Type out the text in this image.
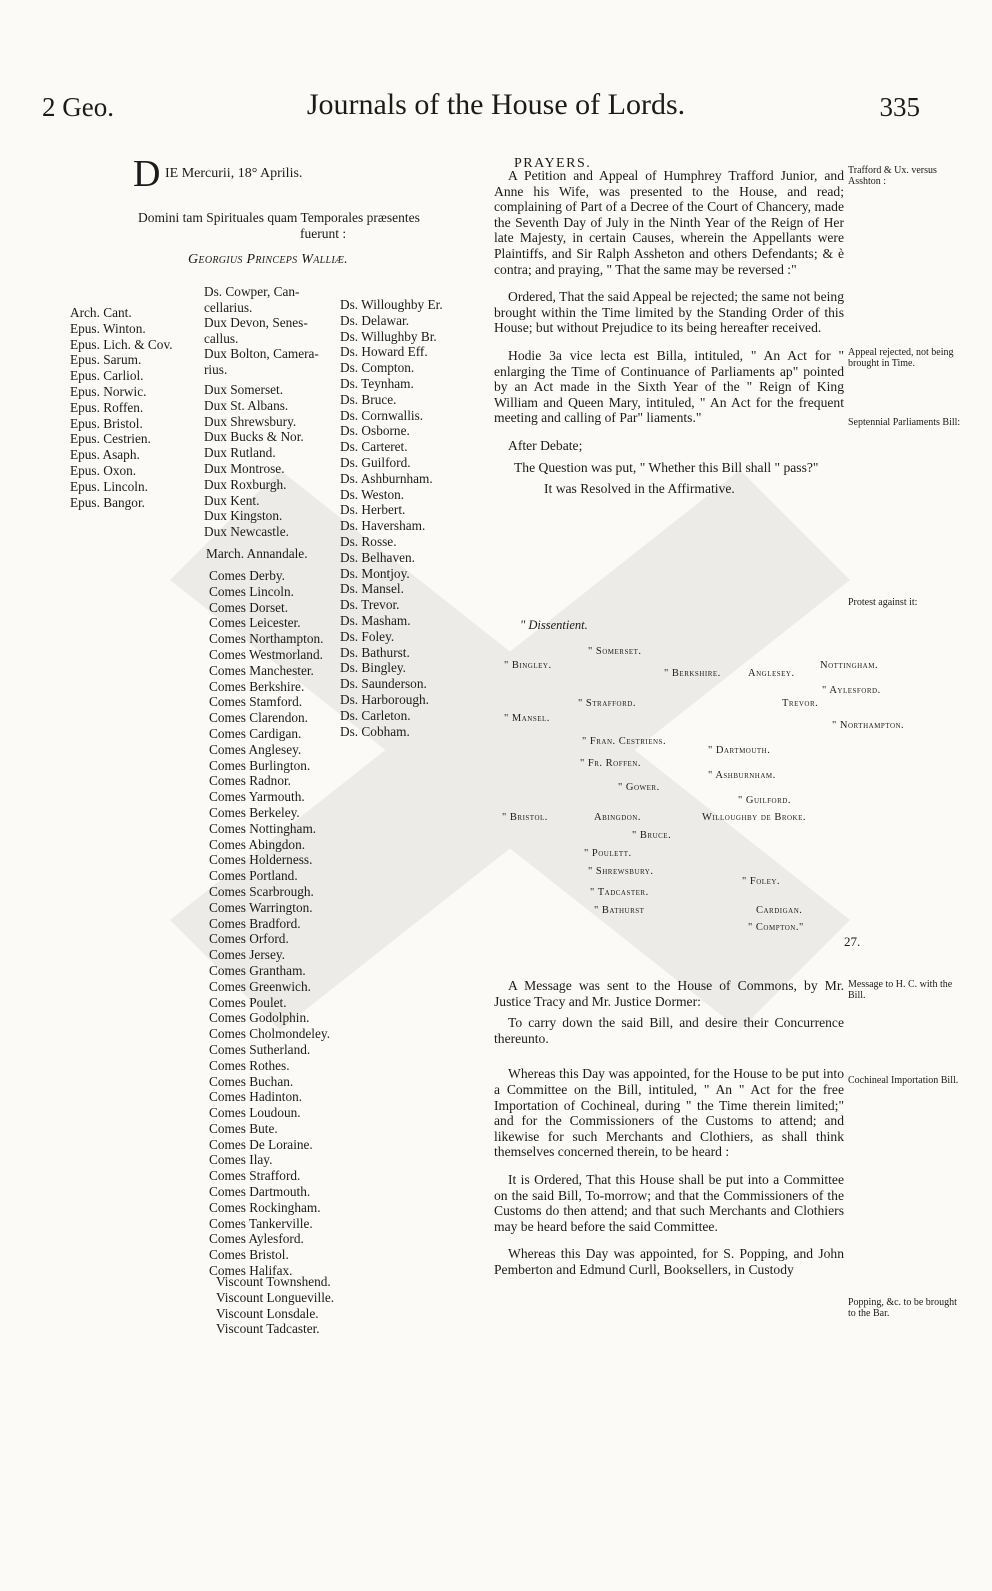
2 Geo.	Journals of the House of Lords.	335
D IE Mercurii, 18° Aprilis.
Domini tam Spirituales quam Temporales præsentes
fuerunt :
Georgius Princeps Walliæ.
Arch. Cant.
Epus. Winton.
Epus. Lich. & Cov.
Epus. Sarum.
Epus. Carliol.
Epus. Norwic.
Epus. Roffen.
Epus. Bristol.
Epus. Cestrien.
Epus. Asaph.
Epus. Oxon.
Epus. Lincoln.
Epus. Bangor.
Ds. Cowper, Can-
cellarius.
Dux Devon, Senes-
callus.
Dux Bolton, Camera-
rius.
Dux Somerset.
Dux St. Albans.
Dux Shrewsbury.
Dux Bucks & Nor.
Dux Rutland.
Dux Montrose.
Dux Roxburgh.
Dux Kent.
Dux Kingston.
Dux Newcastle.
March. Annandale.
Comes Derby.
Comes Lincoln.
Comes Dorset.
Comes Leicester.
Comes Northampton.
Comes Westmorland.
Comes Manchester.
Comes Berkshire.
Comes Stamford.
Comes Clarendon.
Comes Cardigan.
Comes Anglesey.
Comes Burlington.
Comes Radnor.
Comes Yarmouth.
Comes Berkeley.
Comes Nottingham.
Comes Abingdon.
Comes Holderness.
Comes Portland.
Comes Scarbrough.
Comes Warrington.
Comes Bradford.
Comes Orford.
Comes Jersey.
Comes Grantham.
Comes Greenwich.
Comes Poulet.
Comes Godolphin.
Comes Cholmondeley.
Comes Sutherland.
Comes Rothes.
Comes Buchan.
Comes Hadinton.
Comes Loudoun.
Comes Bute.
Comes De Loraine.
Comes Ilay.
Comes Strafford.
Comes Dartmouth.
Comes Rockingham.
Comes Tankerville.
Comes Aylesford.
Comes Bristol.
Comes Halifax.
Viscount Townshend.
Viscount Longueville.
Viscount Lonsdale.
Viscount Tadcaster.
Ds. Willoughby Er.
Ds. Delawar.
Ds. Willughby Br.
Ds. Howard Eff.
Ds. Compton.
Ds. Teynham.
Ds. Bruce.
Ds. Cornwallis.
Ds. Osborne.
Ds. Carteret.
Ds. Guilford.
Ds. Ashburnham.
Ds. Weston.
Ds. Herbert.
Ds. Haversham.
Ds. Rosse.
Ds. Belhaven.
Ds. Montjoy.
Ds. Mansel.
Ds. Trevor.
Ds. Masham.
Ds. Foley.
Ds. Bathurst.
Ds. Bingley.
Ds. Saunderson.
Ds. Harborough.
Ds. Carleton.
Ds. Cobham.
PRAYERS.

A Petition and Appeal of Humphrey Trafford Junior, and Anne his Wife, was presented to the House, and read; complaining of Part of a Decree of the Court of Chancery, made the Seventh Day of July in the Ninth Year of the Reign of Her late Majesty, in certain Causes, wherein the Appellants were Plaintiffs, and Sir Ralph Assheton and others Defendants; & è contra; and praying, " That the same may be reversed :"

Ordered, That the said Appeal be rejected; the same not being brought within the Time limited by the Standing Order of this House; but without Prejudice to its being hereafter received.

Hodie 3a vice lecta est Billa, intituled, " An Act for " enlarging the Time of Continuance of Parliaments ap" pointed by an Act made in the Sixth Year of the " Reign of King William and Queen Mary, intituled, " An Act for the frequent meeting and calling of Par" liaments."

After Debate;

The Question was put, " Whether this Bill shall " pass?"

It was Resolved in the Affirmative.

" Dissentient.
" Somerset.
" Bingley.
" Berkshire.	Anglesey.
Nottingham.
" Aylesford.
" Strafford.	Trevor.
" Mansel.
" Northampton.
" Fran. Cestriens.
" Dartmouth.
" Fr. Roffen.
" Ashburnham.
" Gower.
" Guilford.
" Bristol.	Abingdon.	Willoughby de Broke.
" Bruce.
" Poulett.
" Shrewsbury.
" Foley.
" Tadcaster.
" Bathurst	Cardigan.
" Compton."
27.

A Message was sent to the House of Commons, by Mr. Justice Tracy and Mr. Justice Dormer:

To carry down the said Bill, and desire their Concurrence thereunto.

Whereas this Day was appointed, for the House to be put into a Committee on the Bill, intituled, " An " Act for the free Importation of Cochineal, during " the Time therein limited;" and for the Commissioners of the Customs to attend; and likewise for such Merchants and Clothiers, as shall think themselves concerned therein, to be heard :

It is Ordered, That this House shall be put into a Committee on the said Bill, To-morrow; and that the Commissioners of the Customs do then attend; and that such Merchants and Clothiers may be heard before the said Committee.

Whereas this Day was appointed, for S. Popping, and John Pemberton and Edmund Curll, Booksellers, in Custody

Trafford & Ux. versus Asshton :
Appeal rejected, not being brought in Time.
Septennial Parliaments Bill:
Protest against it:
Message to H. C. with the Bill.
Cochineal Importation Bill.
Popping, &c. to be brought to the Bar.
